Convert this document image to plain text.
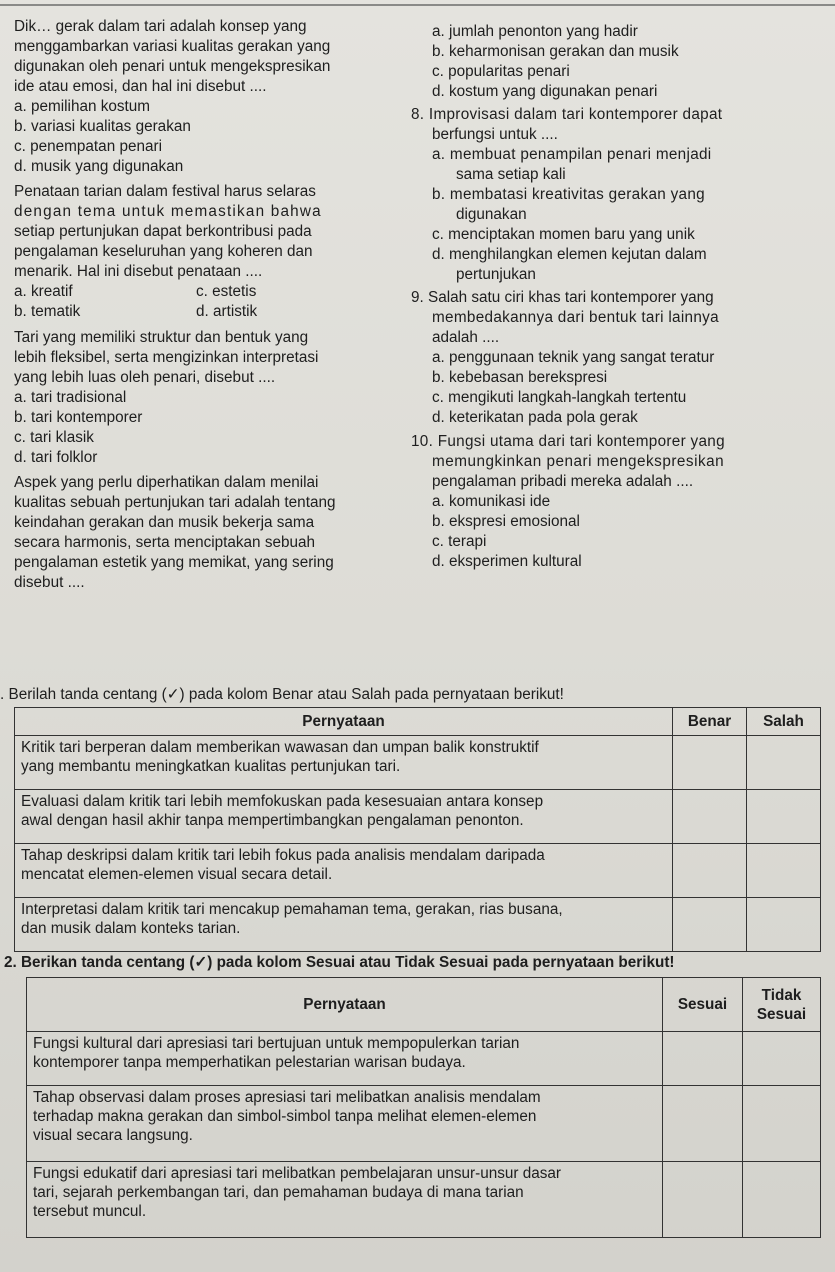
Dik… gerak dalam tari adalah konsep yang
menggambarkan variasi kualitas gerakan yang
digunakan oleh penari untuk mengekspresikan
ide atau emosi, dan hal ini disebut ....
a. pemilihan kostum
b. variasi kualitas gerakan
c. penempatan penari
d. musik yang digunakan
Penataan tarian dalam festival harus selaras
dengan tema untuk memastikan bahwa
setiap pertunjukan dapat berkontribusi pada
pengalaman keseluruhan yang koheren dan
menarik. Hal ini disebut penataan ....
a. kreatif	c. estetis
b. tematik	d. artistik
Tari yang memiliki struktur dan bentuk yang
lebih fleksibel, serta mengizinkan interpretasi
yang lebih luas oleh penari, disebut ....
a. tari tradisional
b. tari kontemporer
c. tari klasik
d. tari folklor
Aspek yang perlu diperhatikan dalam menilai
kualitas sebuah pertunjukan tari adalah tentang
keindahan gerakan dan musik bekerja sama
secara harmonis, serta menciptakan sebuah
pengalaman estetik yang memikat, yang sering
disebut ....
a. jumlah penonton yang hadir
b. keharmonisan gerakan dan musik
c. popularitas penari
d. kostum yang digunakan penari
8. Improvisasi dalam tari kontemporer dapat
berfungsi untuk ....
a. membuat penampilan penari menjadi
sama setiap kali
b. membatasi kreativitas gerakan yang
digunakan
c. menciptakan momen baru yang unik
d. menghilangkan elemen kejutan dalam
pertunjukan
9. Salah satu ciri khas tari kontemporer yang
membedakannya dari bentuk tari lainnya
adalah ....
a. penggunaan teknik yang sangat teratur
b. kebebasan berekspresi
c. mengikuti langkah-langkah tertentu
d. keterikatan pada pola gerak
10. Fungsi utama dari tari kontemporer yang
memungkinkan penari mengekspresikan
pengalaman pribadi mereka adalah ....
a. komunikasi ide
b. ekspresi emosional
c. terapi
d. eksperimen kultural
. Berilah tanda centang (✓) pada kolom Benar atau Salah pada pernyataan berikut!
Pernyataan	Benar	Salah
Kritik tari berperan dalam memberikan wawasan dan umpan balik konstruktif
yang membantu meningkatkan kualitas pertunjukan tari.		
Evaluasi dalam kritik tari lebih memfokuskan pada kesesuaian antara konsep
awal dengan hasil akhir tanpa mempertimbangkan pengalaman penonton.		
Tahap deskripsi dalam kritik tari lebih fokus pada analisis mendalam daripada
mencatat elemen-elemen visual secara detail.		
Interpretasi dalam kritik tari mencakup pemahaman tema, gerakan, rias busana,
dan musik dalam konteks tarian.		
2. Berikan tanda centang (✓) pada kolom Sesuai atau Tidak Sesuai pada pernyataan berikut!
Pernyataan	Sesuai	Tidak
Sesuai
Fungsi kultural dari apresiasi tari bertujuan untuk mempopulerkan tarian
kontemporer tanpa memperhatikan pelestarian warisan budaya.		
Tahap observasi dalam proses apresiasi tari melibatkan analisis mendalam
terhadap makna gerakan dan simbol-simbol tanpa melihat elemen-elemen
visual secara langsung.		
Fungsi edukatif dari apresiasi tari melibatkan pembelajaran unsur-unsur dasar
tari, sejarah perkembangan tari, dan pemahaman budaya di mana tarian
tersebut muncul.		
